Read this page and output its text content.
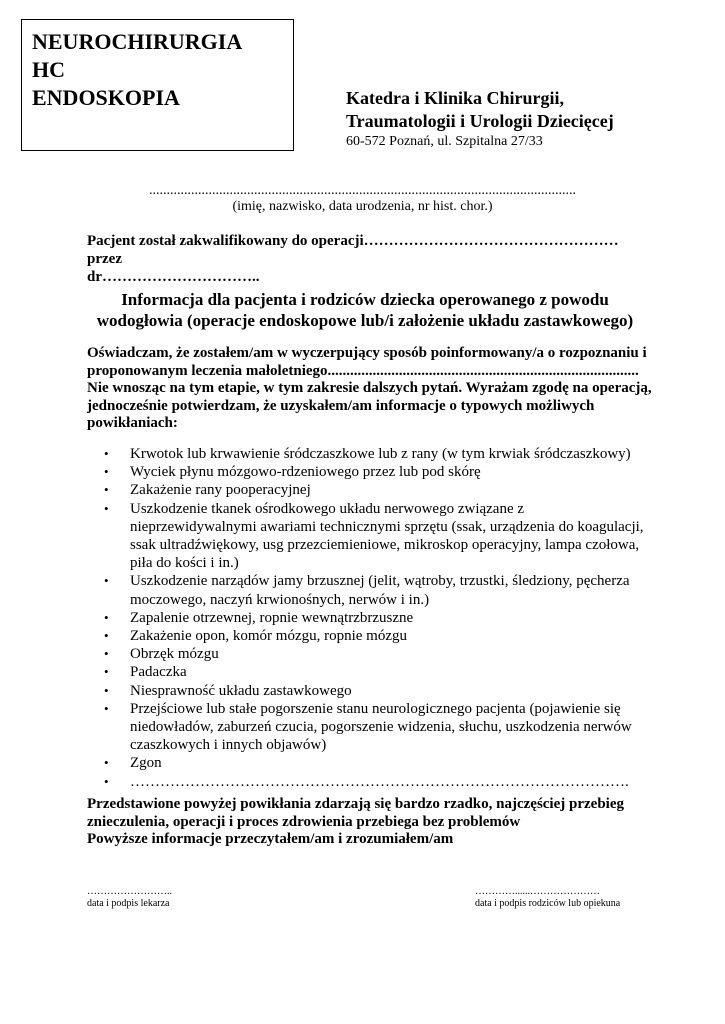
NEUROCHIRURGIA

HC

ENDOSKOPIA	Katedra i Klinika Chirurgii,

Traumatologii i Urologii Dziecięcej

60-572 Poznań, ul. Szpitalna 27/33

..........................................................................................................................

(imię, nazwisko, data urodzenia, nr hist. chor.)

Pacjent został zakwalifikowany do operacji……………………………………………przez
dr…………………………..

Informacja dla pacjenta i rodziców dziecka operowanego z powodu
wodogłowia (operacje endoskopowe lub/i założenie układu zastawkowego)

Oświadczam, że zostałem/am w wyczerpujący sposób poinformowany/a o rozpoznaniu i
proponowanym leczenia małoletniego...................................................................................
Nie wnosząc na tym etapie, w tym zakresie dalszych pytań. Wyrażam zgodę na operacją,
jednocześnie potwierdzam, że uzyskałem/am informacje o typowych możliwych
powikłaniach:

• Krwotok lub krwawienie śródczaszkowe lub z rany (w tym krwiak śródczaszkowy)
• Wyciek płynu mózgowo-rdzeniowego przez lub pod skórę
• Zakażenie rany pooperacyjnej
• Uszkodzenie tkanek ośrodkowego układu nerwowego związane z nieprzewidywalnymi awariami technicznymi sprzętu (ssak, urządzenia do koagulacji, ssak ultradźwiękowy, usg przezciemieniowe, mikroskop operacyjny, lampa czołowa, piła do kości i in.)
• Uszkodzenie narządów jamy brzusznej (jelit, wątroby, trzustki, śledziony, pęcherza moczowego, naczyń krwionośnych, nerwów i in.)
• Zapalenie otrzewnej, ropnie wewnątrzbrzuszne
• Zakażenie opon, komór mózgu, ropnie mózgu
• Obrzęk mózgu
• Padaczka
• Niesprawność układu zastawkowego
• Przejściowe lub stałe pogorszenie stanu neurologicznego pacjenta (pojawienie się niedowładów, zaburzeń czucia, pogorszenie widzenia, słuchu, uszkodzenia nerwów czaszkowych i innych objawów)
• Zgon
• ……………………………………………………………………………………….

Przedstawione powyżej powikłania zdarzają się bardzo rzadko, najczęściej przebieg
znieczulenia, operacji i proces zdrowienia przebiega bez problemów
Powyższe informacje przeczytałem/am i zrozumiałem/am

……………………..
data i podpis lekarza

…………......…………………
data i podpis rodziców lub opiekuna
